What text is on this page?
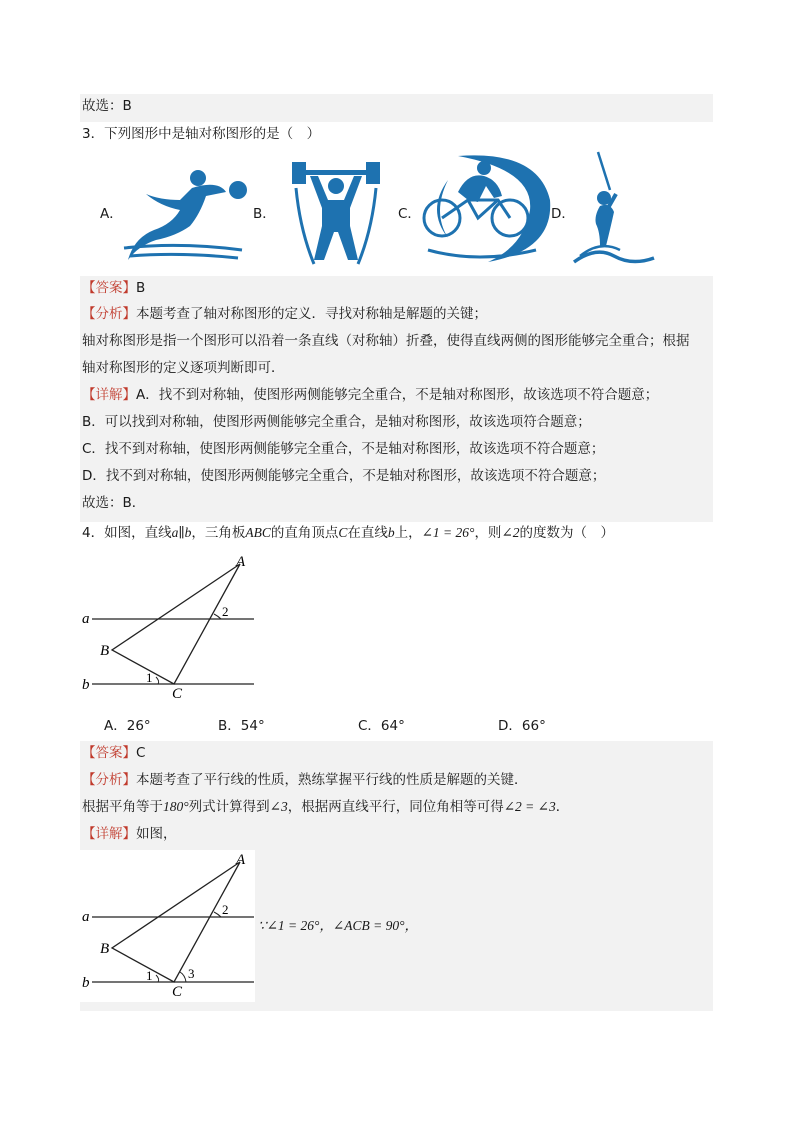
故选：B
3．下列图形中是轴对称图形的是（　）
A．	B．	C．	D．
【答案】B
【分析】本题考查了轴对称图形的定义．寻找对称轴是解题的关键；
轴对称图形是指一个图形可以沿着一条直线（对称轴）折叠，使得直线两侧的图形能够完全重合；根据
轴对称图形的定义逐项判断即可．
【详解】A．找不到对称轴，使图形两侧能够完全重合，不是轴对称图形，故该选项不符合题意；
B．可以找到对称轴，使图形两侧能够完全重合，是轴对称图形，故该选项符合题意；
C．找不到对称轴，使图形两侧能够完全重合，不是轴对称图形，故该选项不符合题意；
D．找不到对称轴，使图形两侧能够完全重合，不是轴对称图形，故该选项不符合题意；
故选：B．
4．如图，直线a∥b，三角板ABC的直角顶点C在直线b上，∠1 = 26°，则∠2的度数为（　）
A
B
C
a
b	1
2
A．26°	B．54°	C．64°	D．66°
【答案】C
【分析】本题考查了平行线的性质，熟练掌握平行线的性质是解题的关键．
根据平角等于180°列式计算得到∠3，根据两直线平行，同位角相等可得∠2 = ∠3．
【详解】如图，
A
B
C
a
b	1
2
3
∵∠1 = 26°，∠ACB = 90°，
